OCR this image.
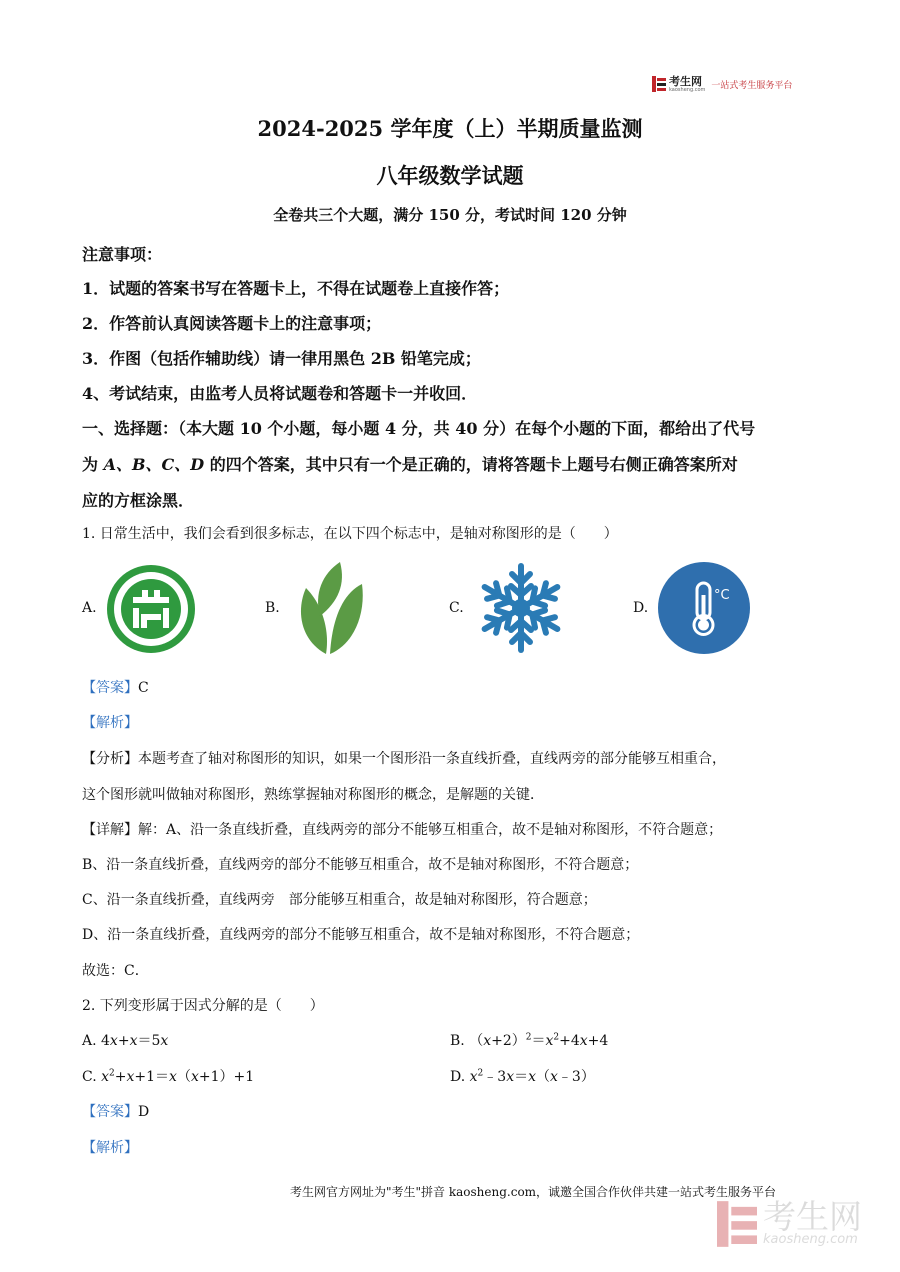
考生网
kaosheng.com 一站式考生服务平台
2024-2025 学年度（上）半期质量监测
八年级数学试题
全卷共三个大题，满分 150 分，考试时间 120 分钟
注意事项：
1．试题的答案书写在答题卡上，不得在试题卷上直接作答；
2．作答前认真阅读答题卡上的注意事项；
3．作图（包括作辅助线）请一律用黑色 2B 铅笔完成；
4、考试结束，由监考人员将试题卷和答题卡一并收回．
一、选择题：（本大题 10 个小题，每小题 4 分，共 40 分）在每个小题的下面，都给出了代号
为 A、B、C、D 的四个答案，其中只有一个是正确的，请将答题卡上题号右侧正确答案所对
应的方框涂黑．
1. 日常生活中，我们会看到很多标志，在以下四个标志中，是轴对称图形的是（　　）
A.	B.	C.	D.
°C
【答案】C
【解析】
【分析】本题考查了轴对称图形的知识，如果一个图形沿一条直线折叠，直线两旁的部分能够互相重合，
这个图形就叫做轴对称图形，熟练掌握轴对称图形的概念，是解题的关键．
【详解】解：A、沿一条直线折叠，直线两旁的部分不能够互相重合，故不是轴对称图形，不符合题意；
B、沿一条直线折叠，直线两旁的部分不能够互相重合，故不是轴对称图形，不符合题意；
C、沿一条直线折叠，直线两旁　部分能够互相重合，故是轴对称图形，符合题意；
D、沿一条直线折叠，直线两旁的部分不能够互相重合，故不是轴对称图形，不符合题意；
故选：C．
2. 下列变形属于因式分解的是（　　）
A. 4x+x＝5x	B. $(x+2)^2=x^2+4x+4$
C. $x^2+x+1=x(x+1)+1$	D. $x^2﹣3x=x(x﹣3)$
【答案】D
【解析】
考生网官方网址为"考生"拼音 kaosheng.com，诚邀全国合作伙伴共建一站式考生服务平台
考生网
kaosheng.com
